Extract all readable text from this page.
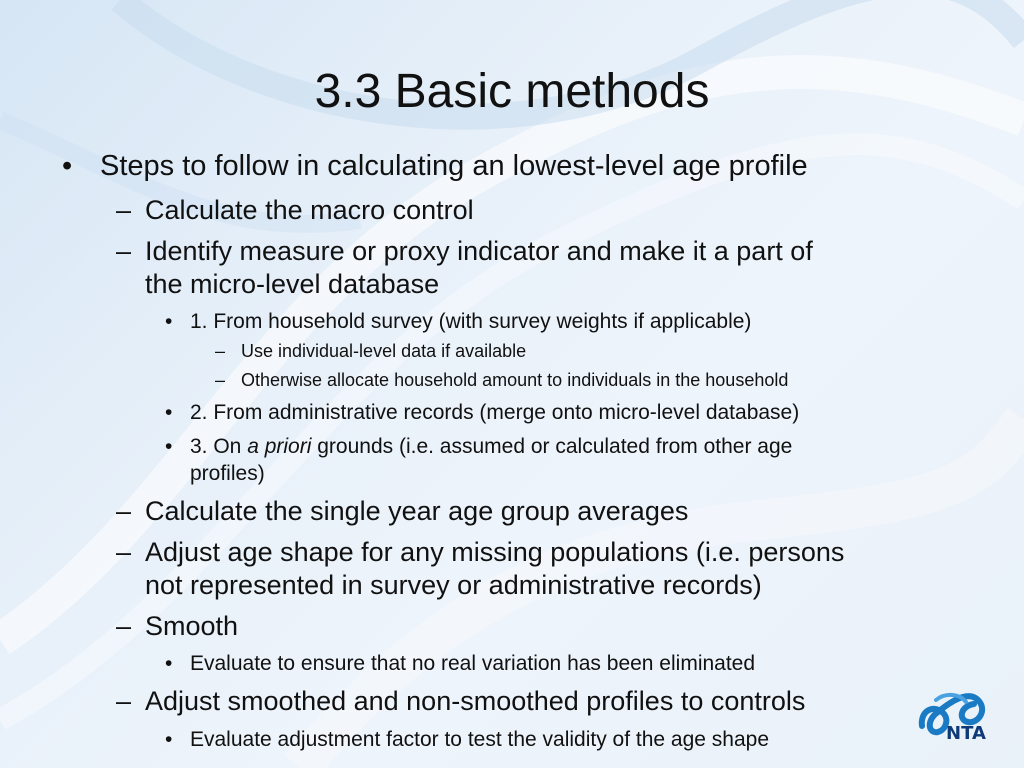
3.3 Basic methods
• Steps to follow in calculating an lowest-level age profile
– Calculate the macro control
– Identify measure or proxy indicator and make it a part of
the micro-level database
• 1. From household survey (with survey weights if applicable)
– Use individual-level data if available
– Otherwise allocate household amount to individuals in the household
• 2. From administrative records (merge onto micro-level database)
• 3. On a priori grounds (i.e. assumed or calculated from other age
profiles)
– Calculate the single year age group averages
– Adjust age shape for any missing populations (i.e. persons
not represented in survey or administrative records)
– Smooth
• Evaluate to ensure that no real variation has been eliminated
– Adjust smoothed and non-smoothed profiles to controls
• Evaluate adjustment factor to test the validity of the age shape	NTA
